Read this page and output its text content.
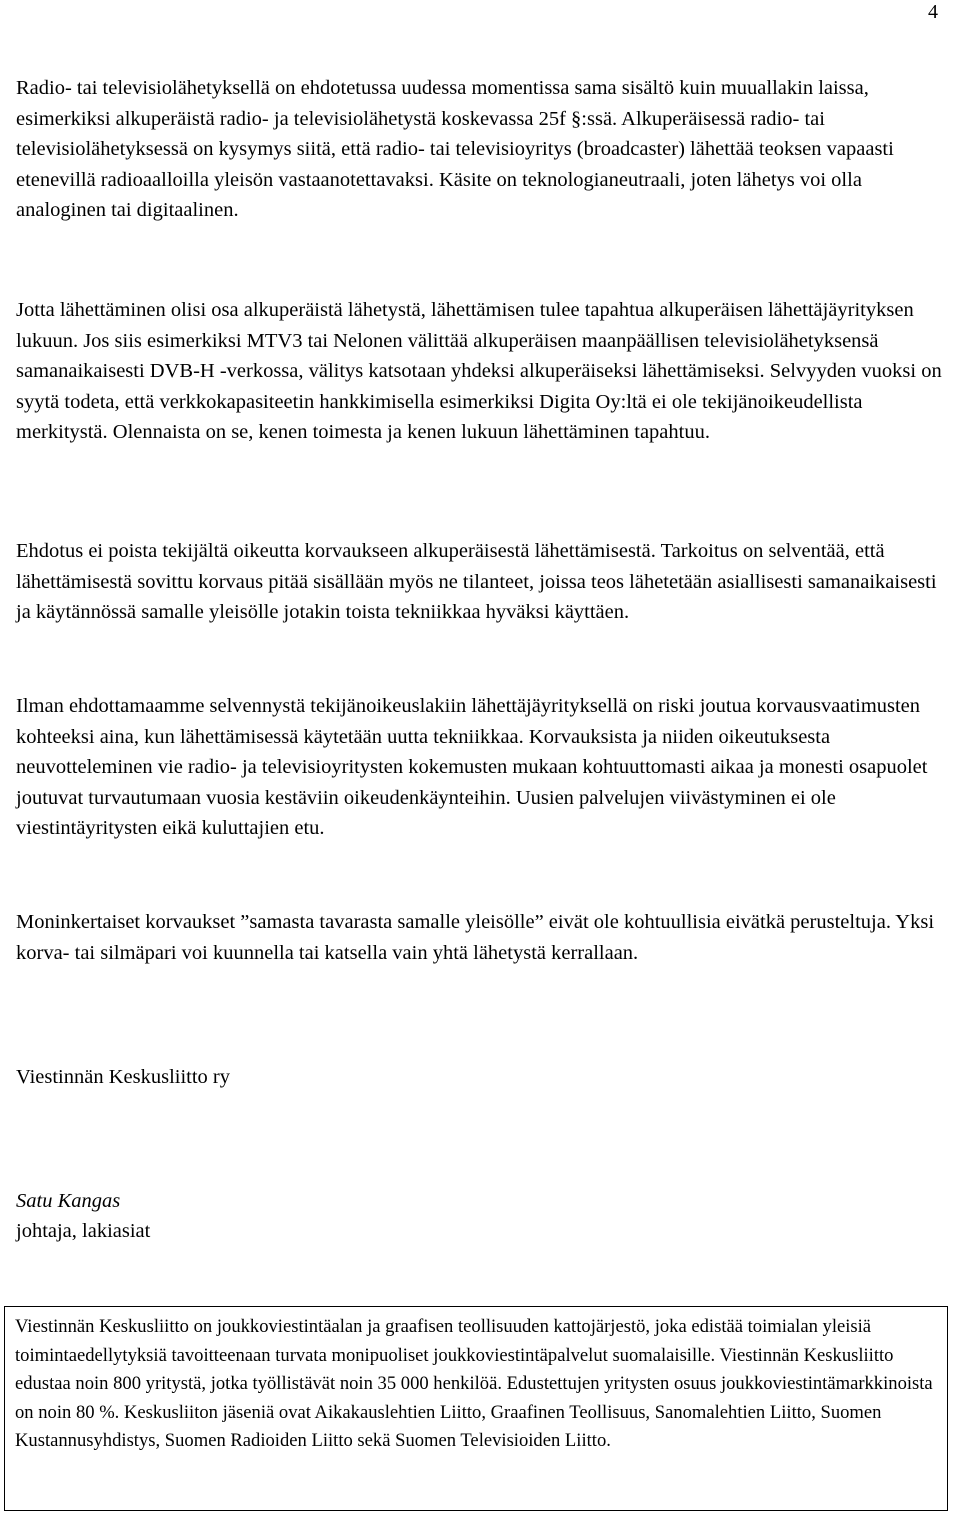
4

Radio- tai televisiolähetyksellä on ehdotetussa uudessa momentissa sama sisältö kuin muuallakin laissa, esimerkiksi alkuperäistä radio- ja televisiolähetystä koskevassa 25f §:ssä. Alkuperäisessä radio- tai televisiolähetyksessä on kysymys siitä, että radio- tai televisioyritys (broadcaster) lähettää teoksen vapaasti etenevillä radioaalloilla yleisön vastaanotettavaksi. Käsite on teknologianeutraali, joten lähetys voi olla analoginen tai digitaalinen.

Jotta lähettäminen olisi osa alkuperäistä lähetystä, lähettämisen tulee tapahtua alkuperäisen lähettäjäyrityksen lukuun. Jos siis esimerkiksi MTV3 tai Nelonen välittää alkuperäisen maanpäällisen televisiolähetyksensä samanaikaisesti DVB-H -verkossa, välitys katsotaan yhdeksi alkuperäiseksi lähettämiseksi. Selvyyden vuoksi on syytä todeta, että verkkokapasiteetin hankkimisella esimerkiksi Digita Oy:ltä ei ole tekijänoikeudellista merkitystä. Olennaista on se, kenen toimesta ja kenen lukuun lähettäminen tapahtuu.

Ehdotus ei poista tekijältä oikeutta korvaukseen alkuperäisestä lähettämisestä. Tarkoitus on selventää, että lähettämisestä sovittu korvaus pitää sisällään myös ne tilanteet, joissa teos lähetetään asiallisesti samanaikaisesti ja käytännössä samalle yleisölle jotakin toista tekniikkaa hyväksi käyttäen.

Ilman ehdottamaamme selvennystä tekijänoikeuslakiin lähettäjäyrityksellä on riski joutua korvausvaatimusten kohteeksi aina, kun lähettämisessä käytetään uutta tekniikkaa. Korvauksista ja niiden oikeutuksesta neuvotteleminen vie radio- ja televisioyritysten kokemusten mukaan kohtuuttomasti aikaa ja monesti osapuolet joutuvat turvautumaan vuosia kestäviin oikeudenkäynteihin. Uusien palvelujen viivästyminen ei ole viestintäyritysten eikä kuluttajien etu.

Moninkertaiset korvaukset ”samasta tavarasta samalle yleisölle” eivät ole kohtuullisia eivätkä perusteltuja. Yksi korva- tai silmäpari voi kuunnella tai katsella vain yhtä lähetystä kerrallaan.

Viestinnän Keskusliitto ry

Satu Kangas

johtaja, lakiasiat

Viestinnän Keskusliitto on joukkoviestintäalan ja graafisen teollisuuden kattojärjestö, joka edistää toimialan yleisiä toimintaedellytyksiä tavoitteenaan turvata monipuoliset joukkoviestintäpalvelut suomalaisille. Viestinnän Keskusliitto edustaa noin 800 yritystä, jotka työllistävät noin 35 000 henkilöä. Edustettujen yritysten osuus joukkoviestintämarkkinoista on noin 80 %. Keskusliiton jäseniä ovat Aikakauslehtien Liitto, Graafinen Teollisuus, Sanomalehtien Liitto, Suomen Kustannusyhdistys, Suomen Radioiden Liitto sekä Suomen Televisioiden Liitto.
